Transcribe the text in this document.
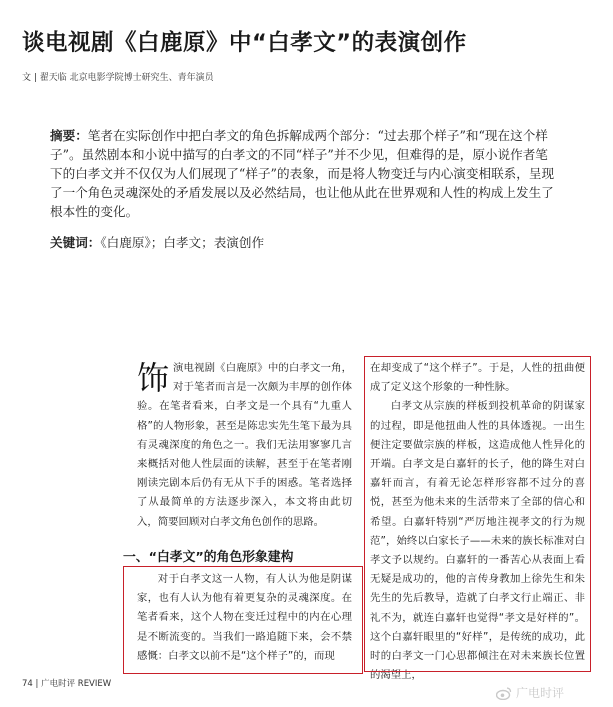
谈电视剧《白鹿原》中“白孝文”的表演创作
文 | 翟天临 北京电影学院博士研究生、青年演员
摘要：笔者在实际创作中把白孝文的角色拆解成两个部分：“过去那个样子”和“现在这个样子”。虽然剧本和小说中描写的白孝文的不同“样子”并不少见，但难得的是，原小说作者笔下的白孝文并不仅仅为人们展现了“样子”的表象，而是将人物变迁与内心演变相联系，呈现了一个角色灵魂深处的矛盾发展以及必然结局，也让他从此在世界观和人性的构成上发生了根本性的变化。
关键词：《白鹿原》；白孝文；表演创作
饰演电视剧《白鹿原》中的白孝文一角，对于笔者而言是一次颇为丰厚的创作体验。在笔者看来，白孝文是一个具有“九重人格”的人物形象，甚至是陈忠实先生笔下最为具有灵魂深度的角色之一。我们无法用寥寥几言来概括对他人性层面的读解，甚至于在笔者刚刚读完剧本后仍有无从下手的困惑。笔者选择了从最简单的方法逐步深入，本文将由此切入，简要回顾对白孝文角色创作的思路。
一、“白孝文”的角色形象建构
对于白孝文这一人物，有人认为他是阴谋家，也有人认为他有着更复杂的灵魂深度。在笔者看来，这个人物在变迁过程中的内在心理是不断流变的。当我们一路追随下来，会不禁感慨：白孝文以前不是“这个样子”的，而现
在却变成了“这个样子”。于是，人性的扭曲便成了定义这个形象的一种性脉。
白孝文从宗族的样板到投机革命的阴谋家的过程，即是他扭曲人性的具体透视。一出生便注定要做宗族的样板，这造成他人性异化的开端。白孝文是白嘉轩的长子，他的降生对白嘉轩而言，有着无论怎样形容都不过分的喜悦，甚至为他未来的生活带来了全部的信心和希望。白嘉轩特别“严厉地注视孝文的行为规范”，始终以白家长子——未来的族长标准对白孝文予以规约。白嘉轩的一番苦心从表面上看无疑是成功的，他的言传身教加上徐先生和朱先生的先后教导，造就了白孝文行止端正、非礼不为，就连白嘉轩也觉得“孝文是好样的”。这个白嘉轩眼里的“好样”，是传统的成功，此时的白孝文一门心思都倾注在对未来族长位置的渴望上，
74 | 广电时评 REVIEW
广电时评
